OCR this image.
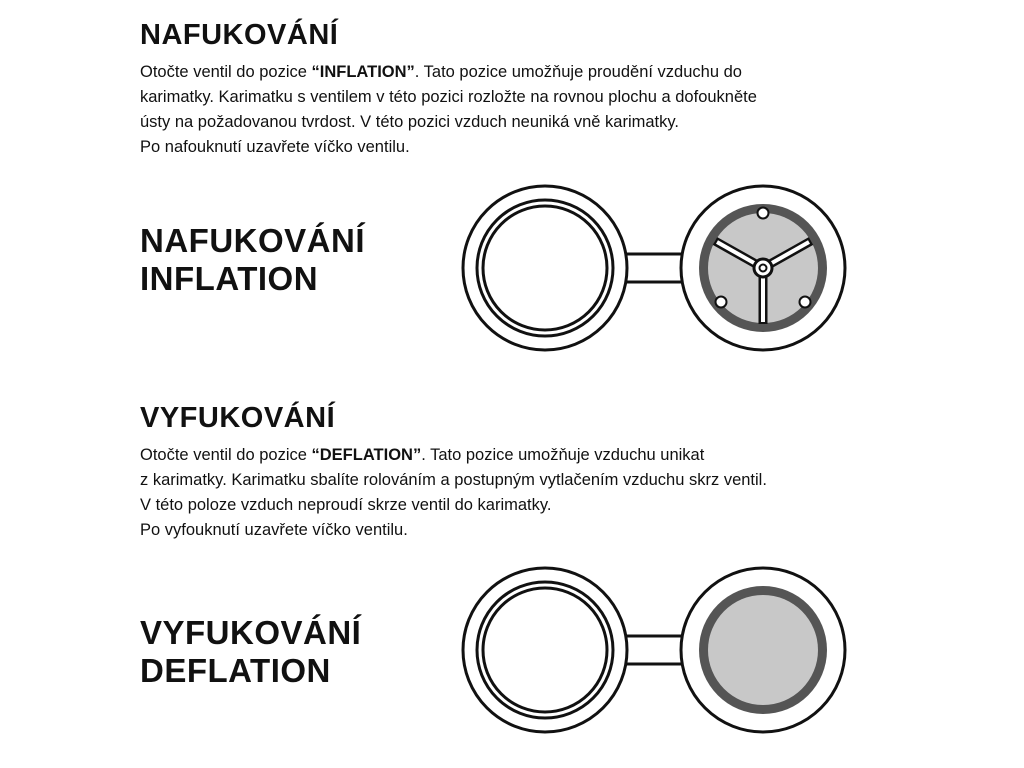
NAFUKOVÁNÍ

Otočte ventil do pozice “INFLATION”. Tato pozice umožňuje proudění vzduchu do
karimatky. Karimatku s ventilem v této pozici rozložte na rovnou plochu a dofoukněte
ústy na požadovanou tvrdost. V této pozici vzduch neuniká vně karimatky.
Po nafouknutí uzavřete víčko ventilu.

NAFUKOVÁNÍ
INFLATION
VYFUKOVÁNÍ

Otočte ventil do pozice “DEFLATION”. Tato pozice umožňuje vzduchu unikat
z karimatky. Karimatku sbalíte rolováním a postupným vytlačením vzduchu skrz ventil.
V této poloze vzduch neproudí skrze ventil do karimatky.
Po vyfouknutí uzavřete víčko ventilu.

VYFUKOVÁNÍ
DEFLATION
